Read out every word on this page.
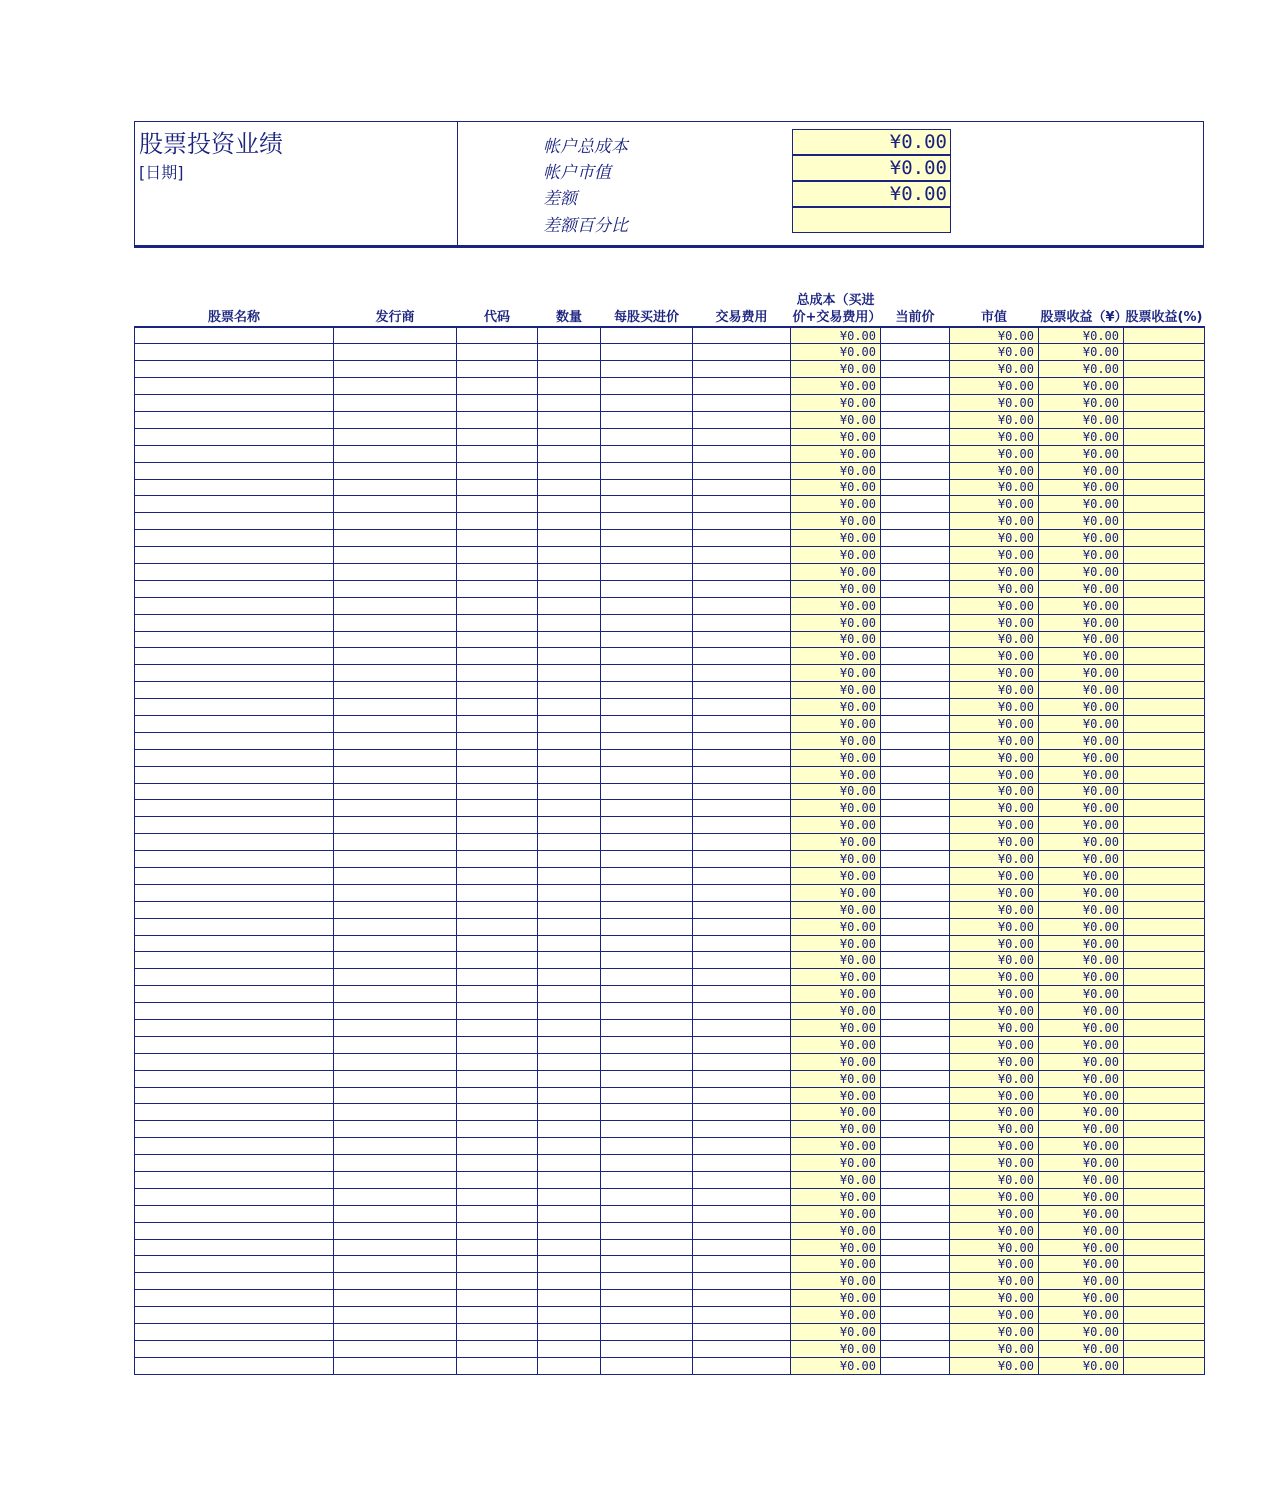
股票投资业绩
[日期]
帐户总成本	¥0.00
帐户市值	¥0.00
差额	¥0.00
差额百分比
股票名称	发行商	代码	数量	每股买进价	交易费用	总成本（买进价+交易费用）	当前价	市值	股票收益（¥）	股票收益(%)
						¥0.00		¥0.00	¥0.00	
						¥0.00		¥0.00	¥0.00	
						¥0.00		¥0.00	¥0.00	
						¥0.00		¥0.00	¥0.00	
						¥0.00		¥0.00	¥0.00	
						¥0.00		¥0.00	¥0.00	
						¥0.00		¥0.00	¥0.00	
						¥0.00		¥0.00	¥0.00	
						¥0.00		¥0.00	¥0.00	
						¥0.00		¥0.00	¥0.00	
						¥0.00		¥0.00	¥0.00	
						¥0.00		¥0.00	¥0.00	
						¥0.00		¥0.00	¥0.00	
						¥0.00		¥0.00	¥0.00	
						¥0.00		¥0.00	¥0.00	
						¥0.00		¥0.00	¥0.00	
						¥0.00		¥0.00	¥0.00	
						¥0.00		¥0.00	¥0.00	
						¥0.00		¥0.00	¥0.00	
						¥0.00		¥0.00	¥0.00	
						¥0.00		¥0.00	¥0.00	
						¥0.00		¥0.00	¥0.00	
						¥0.00		¥0.00	¥0.00	
						¥0.00		¥0.00	¥0.00	
						¥0.00		¥0.00	¥0.00	
						¥0.00		¥0.00	¥0.00	
						¥0.00		¥0.00	¥0.00	
						¥0.00		¥0.00	¥0.00	
						¥0.00		¥0.00	¥0.00	
						¥0.00		¥0.00	¥0.00	
						¥0.00		¥0.00	¥0.00	
						¥0.00		¥0.00	¥0.00	
						¥0.00		¥0.00	¥0.00	
						¥0.00		¥0.00	¥0.00	
						¥0.00		¥0.00	¥0.00	
						¥0.00		¥0.00	¥0.00	
						¥0.00		¥0.00	¥0.00	
						¥0.00		¥0.00	¥0.00	
						¥0.00		¥0.00	¥0.00	
						¥0.00		¥0.00	¥0.00	
						¥0.00		¥0.00	¥0.00	
						¥0.00		¥0.00	¥0.00	
						¥0.00		¥0.00	¥0.00	
						¥0.00		¥0.00	¥0.00	
						¥0.00		¥0.00	¥0.00	
						¥0.00		¥0.00	¥0.00	
						¥0.00		¥0.00	¥0.00	
						¥0.00		¥0.00	¥0.00	
						¥0.00		¥0.00	¥0.00	
						¥0.00		¥0.00	¥0.00	
						¥0.00		¥0.00	¥0.00	
						¥0.00		¥0.00	¥0.00	
						¥0.00		¥0.00	¥0.00	
						¥0.00		¥0.00	¥0.00	
						¥0.00		¥0.00	¥0.00	
						¥0.00		¥0.00	¥0.00	
						¥0.00		¥0.00	¥0.00	
						¥0.00		¥0.00	¥0.00	
						¥0.00		¥0.00	¥0.00	
						¥0.00		¥0.00	¥0.00	
						¥0.00		¥0.00	¥0.00	
						¥0.00		¥0.00	¥0.00	
